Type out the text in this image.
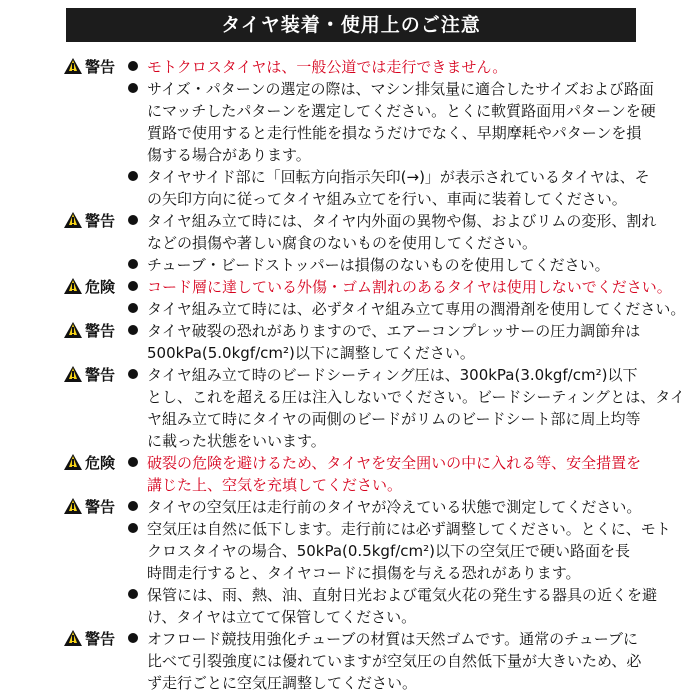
タイヤ装着・使用上のご注意
警告 モトクロスタイヤは、一般公道では走行できません。
サイズ・パターンの選定の際は、マシン排気量に適合したサイズおよび路面
にマッチしたパターンを選定してください。とくに軟質路面用パターンを硬
質路で使用すると走行性能を損なうだけでなく、早期摩耗やパターンを損
傷する場合があります。
タイヤサイド部に「回転方向指示矢印(→)」が表示されているタイヤは、そ
の矢印方向に従ってタイヤ組み立てを行い、車両に装着してください。
警告 タイヤ組み立て時には、タイヤ内外面の異物や傷、およびリムの変形、割れ
などの損傷や著しい腐食のないものを使用してください。
チューブ・ビードストッパーは損傷のないものを使用してください。
危険 コード層に達している外傷・ゴム割れのあるタイヤは使用しないでください。
タイヤ組み立て時には、必ずタイヤ組み立て専用の潤滑剤を使用してください。
警告 タイヤ破裂の恐れがありますので、エアーコンプレッサーの圧力調節弁は
500kPa(5.0kgf/cm²)以下に調整してください。
警告 タイヤ組み立て時のビードシーティング圧は、300kPa(3.0kgf/cm²)以下
とし、これを超える圧は注入しないでください。ビードシーティングとは、タイ
ヤ組み立て時にタイヤの両側のビードがリムのビードシート部に周上均等
に載った状態をいいます。
危険 破裂の危険を避けるため、タイヤを安全囲いの中に入れる等、安全措置を
講じた上、空気を充填してください。
警告 タイヤの空気圧は走行前のタイヤが冷えている状態で測定してください。
空気圧は自然に低下します。走行前には必ず調整してください。とくに、モト
クロスタイヤの場合、50kPa(0.5kgf/cm²)以下の空気圧で硬い路面を長
時間走行すると、タイヤコードに損傷を与える恐れがあります。
保管には、雨、熱、油、直射日光および電気火花の発生する器具の近くを避
け、タイヤは立てて保管してください。
警告 オフロード競技用強化チューブの材質は天然ゴムです。通常のチューブに
比べて引裂強度には優れていますが空気圧の自然低下量が大きいため、必
ず走行ごとに空気圧調整してください。
